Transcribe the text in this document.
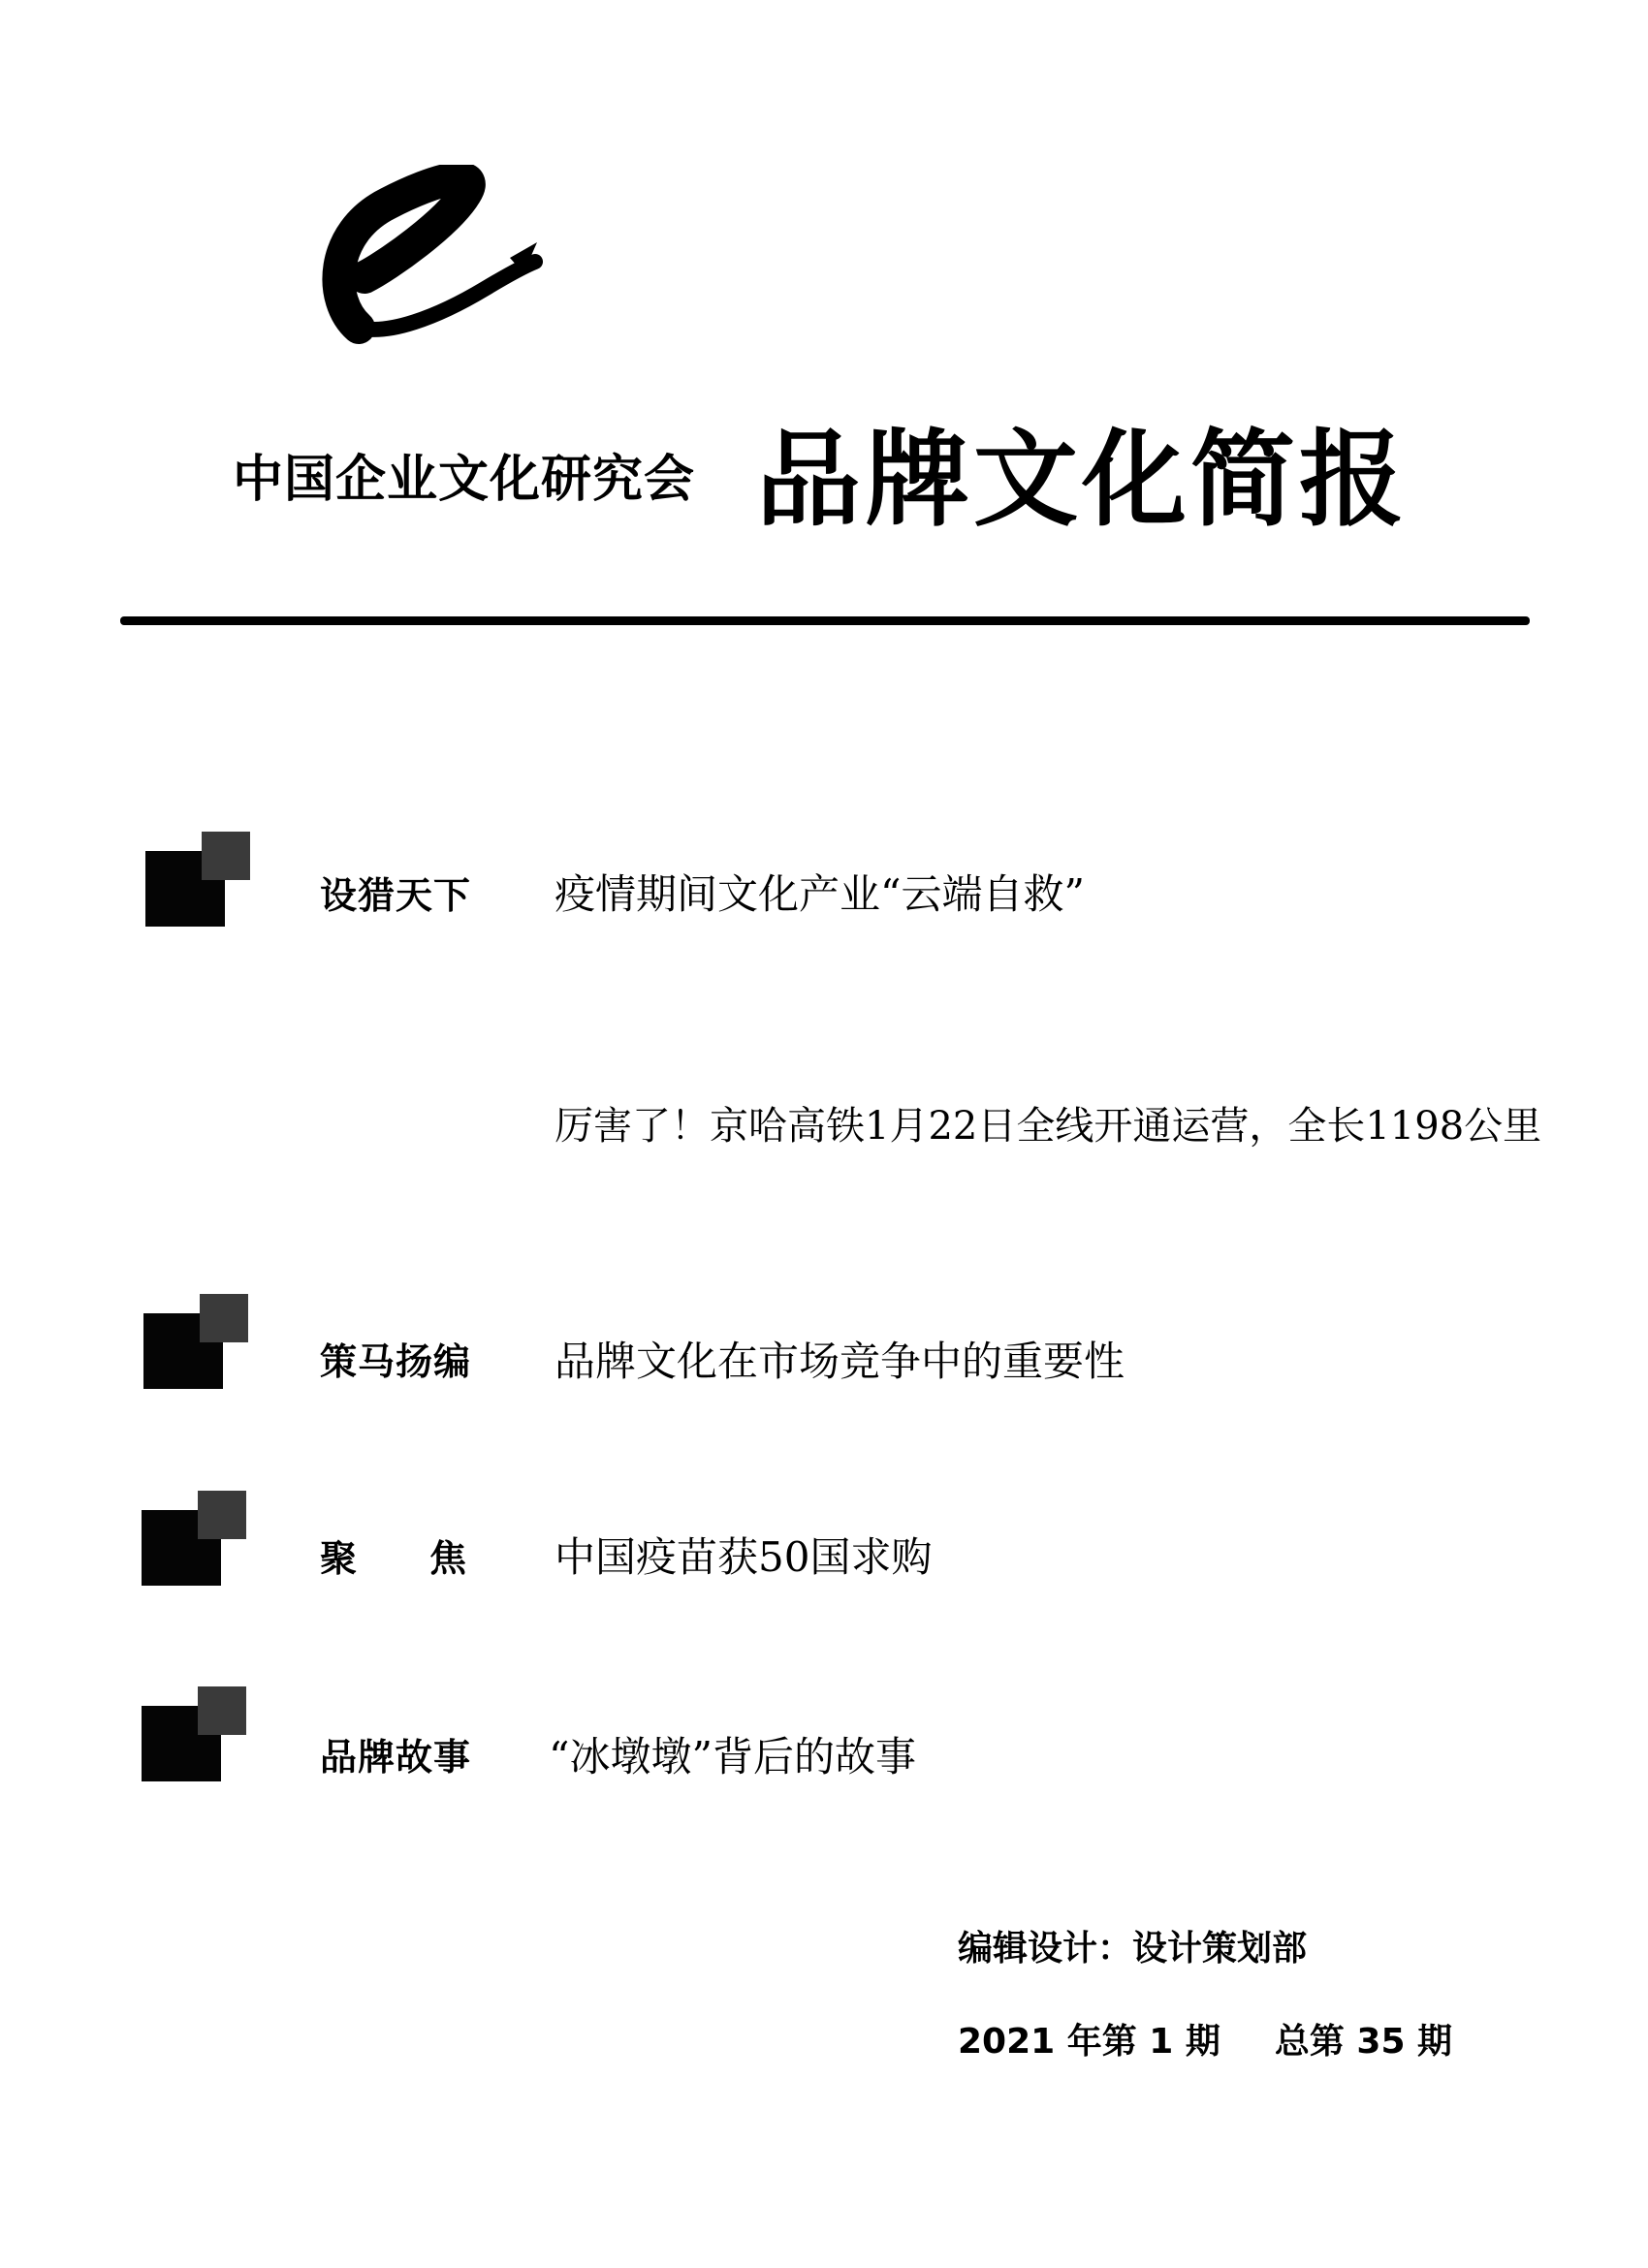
中国企业文化研究会 品牌文化简报
设猎天下 疫情期间文化产业“云端自救”
厉害了！京哈高铁1月22日全线开通运营，全长1198公里
策马扬编 品牌文化在市场竞争中的重要性
聚 焦 中国疫苗获50国求购
品牌故事 “冰墩墩”背后的故事
编辑设计：设计策划部
2021 年第 1 期 总第 35 期
